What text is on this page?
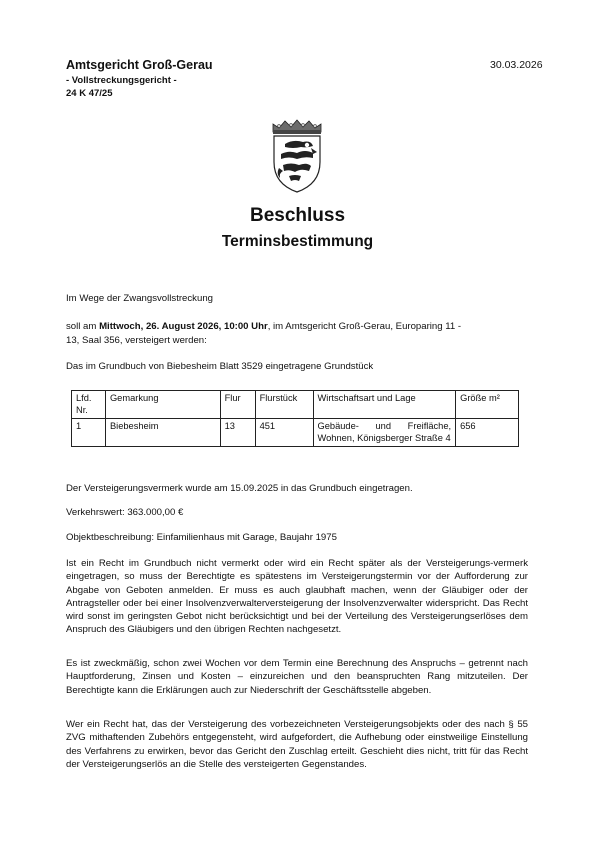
Amtsgericht Groß-Gerau
- Vollstreckungsgericht -
24 K 47/25
30.03.2026
Beschluss
Terminsbestimmung
Im Wege der Zwangsvollstreckung
soll am Mittwoch, 26. August 2026, 10:00 Uhr, im Amtsgericht Groß-Gerau, Europaring 11 -
13, Saal 356, versteigert werden:
Das im Grundbuch von Biebesheim Blatt 3529 eingetragene Grundstück
Lfd. Nr.	Gemarkung	Flur	Flurstück	Wirtschaftsart und Lage	Größe m²
1	Biebesheim	13	451	Gebäude- und Freifläche, Wohnen, Königsberger Straße 4	656
Der Versteigerungsvermerk wurde am 15.09.2025 in das Grundbuch eingetragen.
Verkehrswert: 363.000,00 €
Objektbeschreibung: Einfamilienhaus mit Garage, Baujahr 1975
Ist ein Recht im Grundbuch nicht vermerkt oder wird ein Recht später als der Versteigerungs-vermerk eingetragen, so muss der Berechtigte es spätestens im Versteigerungstermin vor der Aufforderung zur Abgabe von Geboten anmelden. Er muss es auch glaubhaft machen, wenn der Gläubiger oder der Antragsteller oder bei einer Insolvenzverwalterversteigerung der Insolvenzverwalter widerspricht. Das Recht wird sonst im geringsten Gebot nicht berücksichtigt und bei der Verteilung des Versteigerungserlöses dem Anspruch des Gläubigers und den übrigen Rechten nachgesetzt.
Es ist zweckmäßig, schon zwei Wochen vor dem Termin eine Berechnung des Anspruchs – getrennt nach Hauptforderung, Zinsen und Kosten – einzureichen und den beanspruchten Rang mitzuteilen. Der Berechtigte kann die Erklärungen auch zur Niederschrift der Geschäftsstelle abgeben.
Wer ein Recht hat, das der Versteigerung des vorbezeichneten Versteigerungsobjekts oder des nach § 55 ZVG mithaftenden Zubehörs entgegensteht, wird aufgefordert, die Aufhebung oder einstweilige Einstellung des Verfahrens zu erwirken, bevor das Gericht den Zuschlag erteilt. Geschieht dies nicht, tritt für das Recht der Versteigerungserlös an die Stelle des versteigerten Gegenstandes.
